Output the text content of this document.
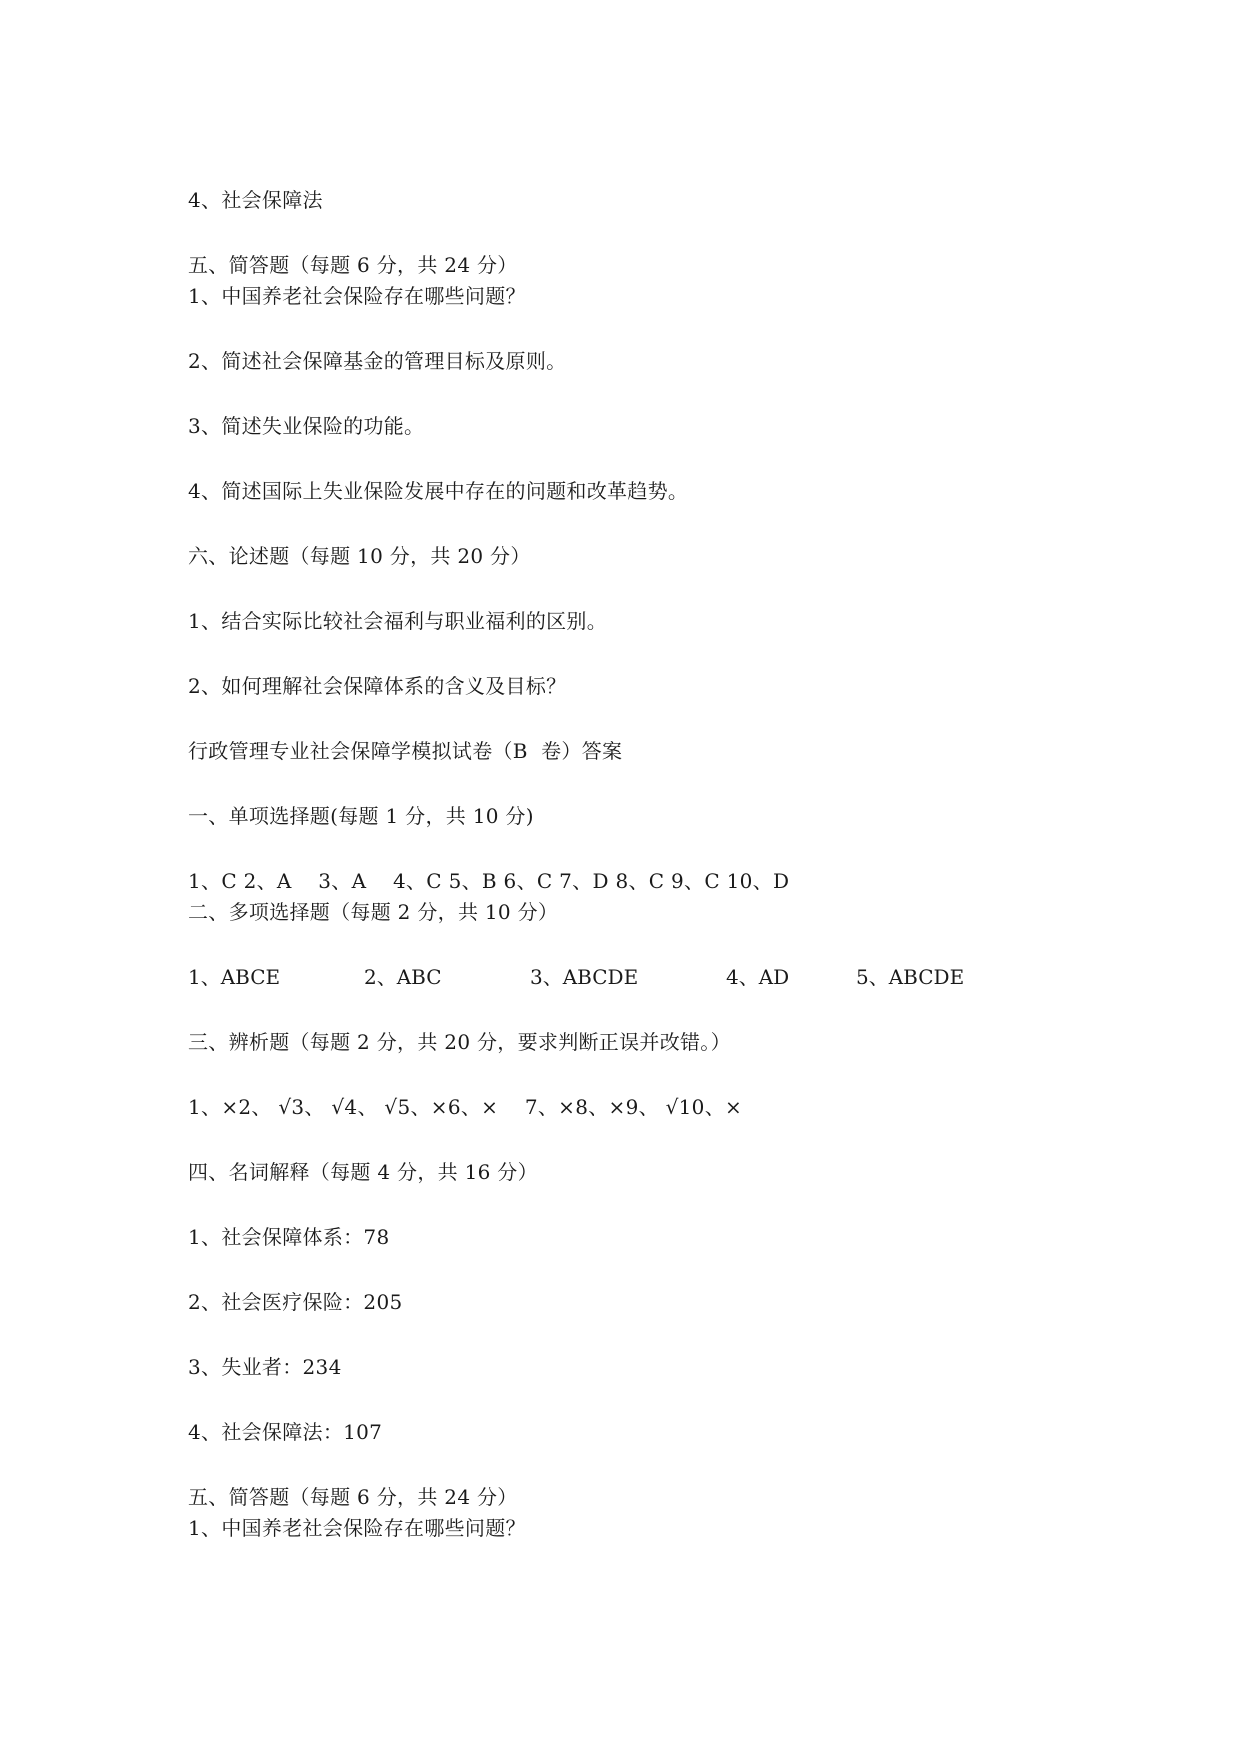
4、社会保障法
五、简答题（每题 6 分，共 24 分）
1、中国养老社会保险存在哪些问题？
2、简述社会保障基金的管理目标及原则。
3、简述失业保险的功能。
4、简述国际上失业保险发展中存在的问题和改革趋势。
六、论述题（每题 10 分，共 20 分）
1、结合实际比较社会福利与职业福利的区别。
2、如何理解社会保障体系的含义及目标？
行政管理专业社会保障学模拟试卷（B  卷）答案
一、单项选择题(每题 1 分，共 10 分)
1、C 2、A    3、A    4、C 5、B 6、C 7、D 8、C 9、C 10、D
二、多项选择题（每题 2 分，共 10 分）
1、ABCE	2、ABC	3、ABCDE	4、AD	5、ABCDE
三、辨析题（每题 2 分，共 20 分，要求判断正误并改错。）
1、×2、 √3、 √4、 √5、×6、×    7、×8、×9、 √10、×
四、名词解释（每题 4 分，共 16 分）
1、社会保障体系：78
2、社会医疗保险：205
3、失业者：234
4、社会保障法：107
五、简答题（每题 6 分，共 24 分）
1、中国养老社会保险存在哪些问题？
